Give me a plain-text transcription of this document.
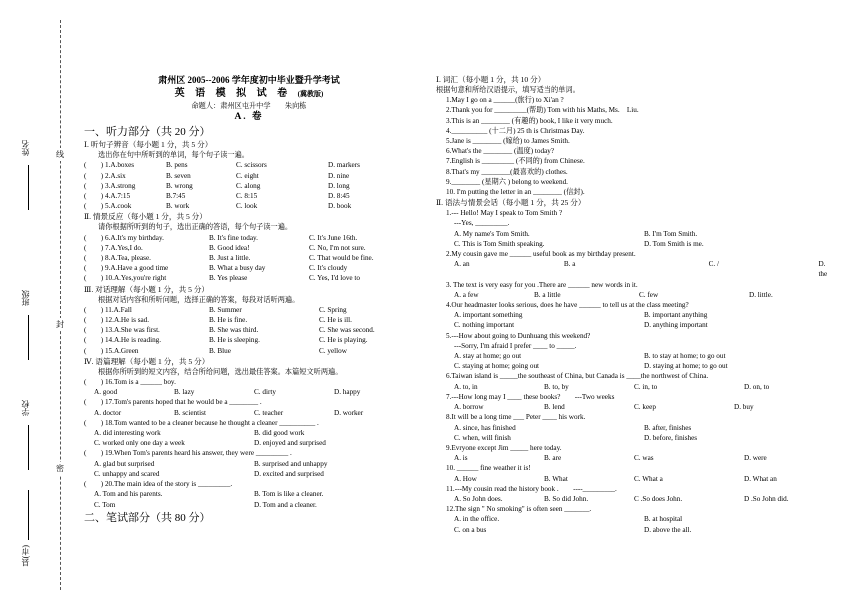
姓名
班级
学校
县(市)
线
封
密
肃州区 2005--2006 学年度初中毕业暨升学考试
英 语 模 拟 试 卷 (冀教版)
命题人：肃州区屯升中学　　朱向栋
A. 卷
一、听力部分（共 20 分）
Ⅰ. 听句子辨音（每小题 1 分，共 5 分）
选出你在句中所听到的单词，每个句子读一遍。
(　　) 1.A.boxes	B. pens	C. scissors	D. markers
(　　) 2.A.six	B. seven	C. eight	D. nine
(　　) 3.A.strong	B. wrong	C. along	D. long
(　　) 4.A.7:15	B.7:45	C. 8:15	D. 8:45
(　　) 5.A.cook	B. work	C. look	D. book
Ⅱ. 情景反应（每小题 1 分，共 5 分）
请你根据所听到的句子，选出正确的答语，每个句子读一遍。
(　　) 6.A.It's my birthday.	B. It's fine today.	C. It's June 16th.
(　　) 7.A.Yes,I do.	B. Good idea!	C. No, I'm not sure.
(　　) 8.A.Tea, please.	B. Just a little.	C. That would be fine.
(　　) 9.A.Have a good time	B. What a busy day	C. It's cloudy
(　　) 10.A.Yes,you're right	B. Yes please	C. Yes, I'd love to
Ⅲ. 对话理解（每小题 1 分，共 5 分）
根据对话内容和所听问题，选择正确的答案，每段对话听两遍。
(　　) 11.A.Fall	B. Summer	C. Spring
(　　) 12.A.He is sad.	B. He is fine.	C. He is ill.
(　　) 13.A.She was first.	B. She was third.	C. She was second.
(　　) 14.A.He is reading.	B. He is sleeping.	C. He is playing.
(　　) 15.A.Green	B. Blue	C. yellow
Ⅳ. 语篇理解（每小题 1 分，共 5 分）
根据你所听到的短文内容，结合所给问题，选出最佳答案。本篇短文听两遍。
(　　) 16.Tom is a ______ boy.
A. good	B. lazy	C. dirty	D. happy
(　　) 17.Tom's parents hoped that he would be a ________ .
A. doctor	B. scientist	C. teacher	D. worker
(　　) 18.Tom wanted to be a cleaner because he thought a cleaner __________ .
A. did interesting work	B. did good work
C. worked only one day a week	D. enjoyed and surprised
(　　) 19.When Tom's parents heard his answer, they were _________ .
A. glad but surprised	B. surprised and unhappy
C. unhappy and scared	D. excited and surprised
(　　) 20.The main idea of the story is _________.
A. Tom and his parents.	B. Tom is like a cleaner.
C. Tom	D. Tom and a cleaner.
二、笔试部分（共 80 分）
Ⅰ. 词汇（每小题 1 分，共 10 分）
根据句意和所给汉语提示，填写适当的单词。
1.May I go on a ______(旅行) to Xi'an ?
2.Thank you for _________(帮助) Tom with his Maths, Ms.　Liu.
3.This is an ________ (有趣的) book, I like it very much.
4.__________ (十二月) 25 th is Christmas Day.
5.Jane is ________ (嫁给) to James Smith.
6.What's the ________ (温度) today?
7.English is _________ (不同的) from Chinese.
8.That's my ________(最喜欢的) clothes.
9.________ (星期六 ) belong to weekend.
10. I'm putting the letter in an ________ (信封).
Ⅱ. 语法与情景会话（每小题 1 分，共 25 分）
1.--- Hello! May I speak to Tom Smith ?
---Yes, _________.
A. My name's Tom Smith.	B. I'm Tom Smith.
C. This is Tom Smith speaking.	D. Tom Smith is me.
2.My cousin gave me ______ useful book as my birthday present.
A. an	B. a	C. /	D. the
3. The text is very easy for you .There are ______ new words in it.
A. a few	B. a little	C. few	D. little.
4.Our headmaster looks serious, does he have ______ to tell us at the class meeting?
A. important something	B. important anything
C. nothing important	D. anything important
5.---How about going to Dunhuang this weekend?
---Sorry, I'm afraid I prefer ____ to _____.
A. stay at home; go out	B. to stay at home; to go out
C. staying at home; going out	D. staying at home; to go out
6.Taiwan island is _____the southeast of China, but Canada is ____the northwest of China.
A. to, in	B. to, by	C. in, to	D. on, to
7.---How long may I ____ these books?　　---Two weeks
A. borrow	B. lend	C. keep	D. buy
8.It will be a long time ___ Peter ____ his work.
A. since, has finished	B. after, finishes
C. when, will finish	D. before, finishes
9.Evryone except Jim _____ here today.
A. is	B. are	C. was	D. were
10. ______ fine weather it is!
A. How	B. What	C. What a	D. What an
11.---My cousin read the history book .　　----_________.
A. So John does.	B. So did John.	C .So does John.	D .So John did.
12.The sign " No smoking" is often seen _______.
A. in the office.	B. at hospital
C. on a bus	D. above the all.
